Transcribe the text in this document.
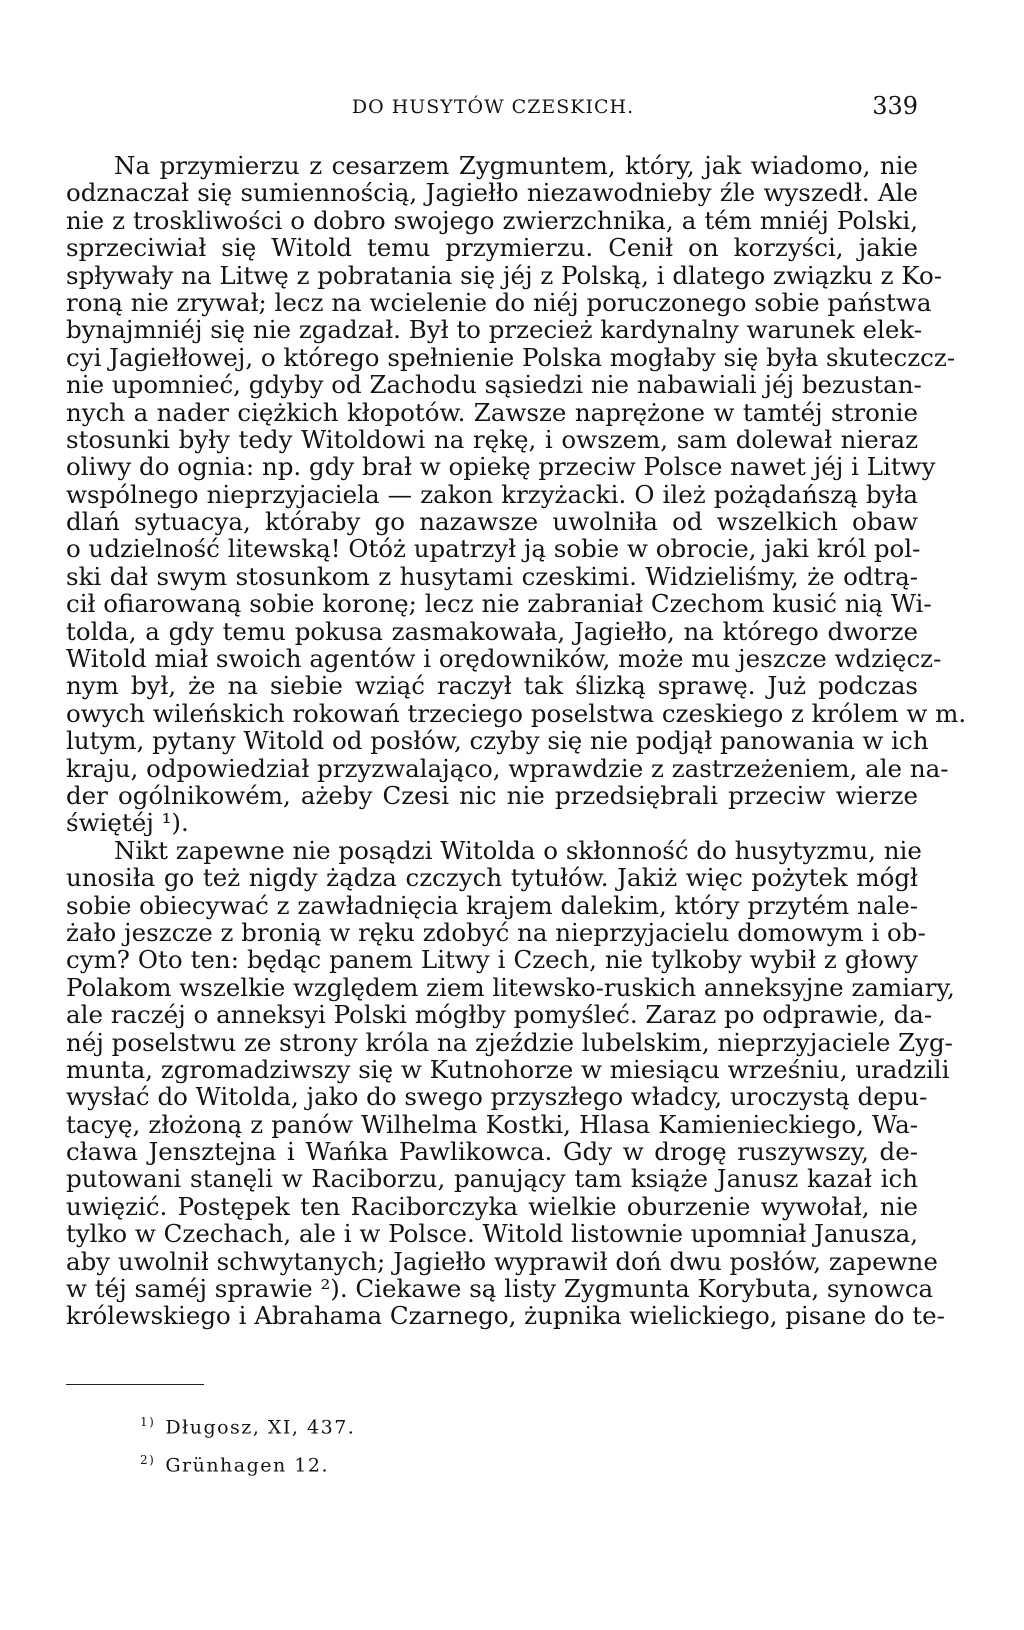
DO HUSYTÓW CZESKICH.	339
Na przymierzu z cesarzem Zygmuntem, który, jak wiadomo, nie
odznaczał się sumiennością, Jagiełło niezawodnieby źle wyszedł. Ale
nie z troskliwości o dobro swojego zwierzchnika, a tém mniéj Polski,
sprzeciwiał się Witold temu przymierzu. Cenił on korzyści, jakie
spływały na Litwę z pobratania się jéj z Polską, i dlatego związku z Ko-
roną nie zrywał; lecz na wcielenie do niéj poruczonego sobie państwa
bynajmniéj się nie zgadzał. Był to przecież kardynalny warunek elek-
cyi Jagiełłowej, o którego spełnienie Polska mogłaby się była skuteczcz-
nie upomnieć, gdyby od Zachodu sąsiedzi nie nabawiali jéj bezustan-
nych a nader ciężkich kłopotów. Zawsze naprężone w tamtéj stronie
stosunki były tedy Witoldowi na rękę, i owszem, sam dolewał nieraz
oliwy do ognia: np. gdy brał w opiekę przeciw Polsce nawet jéj i Litwy
wspólnego nieprzyjaciela — zakon krzyżacki. O ileż pożądańszą była
dlań sytuacya, któraby go nazawsze uwolniła od wszelkich obaw
o udzielność litewską! Otóż upatrzył ją sobie w obrocie, jaki król pol-
ski dał swym stosunkom z husytami czeskimi. Widzieliśmy, że odtrą-
cił ofiarowaną sobie koronę; lecz nie zabraniał Czechom kusić nią Wi-
tolda, a gdy temu pokusa zasmakowała, Jagiełło, na którego dworze
Witold miał swoich agentów i orędowników, może mu jeszcze wdzięcz-
nym był, że na siebie wziąć raczył tak ślizką sprawę. Już podczas
owych wileńskich rokowań trzeciego poselstwa czeskiego z królem w m.
lutym, pytany Witold od posłów, czyby się nie podjął panowania w ich
kraju, odpowiedział przyzwalająco, wprawdzie z zastrzeżeniem, ale na-
der ogólnikowém, ażeby Czesi nic nie przedsiębrali przeciw wierze
świętéj ¹).
Nikt zapewne nie posądzi Witolda o skłonność do husytyzmu, nie
unosiła go też nigdy żądza czczych tytułów. Jakiż więc pożytek mógł
sobie obiecywać z zawładnięcia krajem dalekim, który przytém nale-
żało jeszcze z bronią w ręku zdobyć na nieprzyjacielu domowym i ob-
cym? Oto ten: będąc panem Litwy i Czech, nie tylkoby wybił z głowy
Polakom wszelkie względem ziem litewsko-ruskich anneksyjne zamiary,
ale raczéj o anneksyi Polski mógłby pomyśleć. Zaraz po odprawie, da-
néj poselstwu ze strony króla na zjeździe lubelskim, nieprzyjaciele Zyg-
munta, zgromadziwszy się w Kutnohorze w miesiącu wrześniu, uradzili
wysłać do Witolda, jako do swego przyszłego władcy, uroczystą depu-
tacyę, złożoną z panów Wilhelma Kostki, Hlasa Kamienieckiego, Wa-
cława Jensztejna i Wańka Pawlikowca. Gdy w drogę ruszywszy, de-
putowani stanęli w Raciborzu, panujący tam książe Janusz kazał ich
uwięzić. Postępek ten Raciborczyka wielkie oburzenie wywołał, nie
tylko w Czechach, ale i w Polsce. Witold listownie upomniał Janusza,
aby uwolnił schwytanych; Jagiełło wyprawił doń dwu posłów, zapewne
w téj saméj sprawie ²). Ciekawe są listy Zygmunta Korybuta, synowca
królewskiego i Abrahama Czarnego, żupnika wielickiego, pisane do te-
$^{1)}$ Długosz, XI, 437.
$^{2)}$ Grünhagen 12.
